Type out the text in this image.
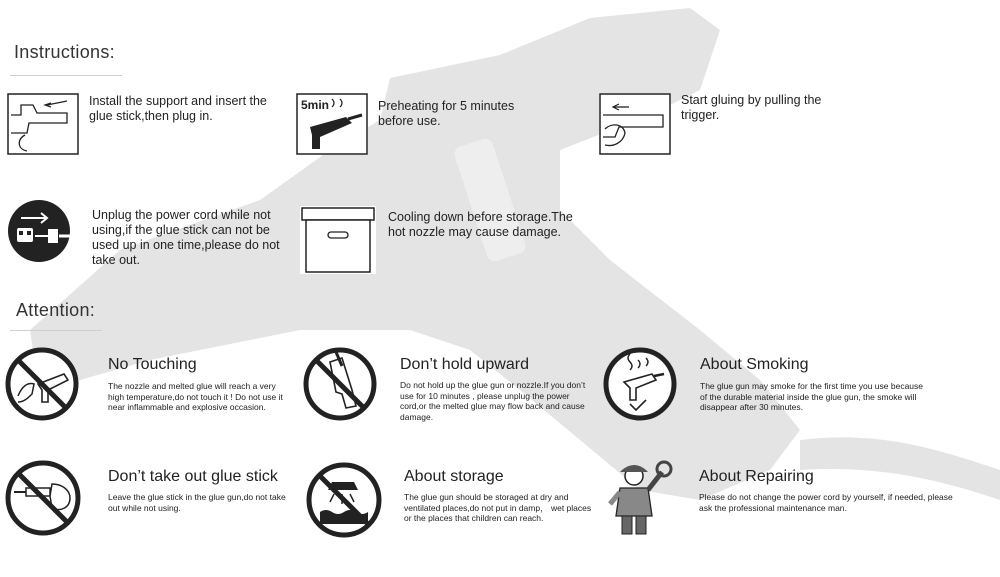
Instructions:
Install the support and insert the glue stick,then plug in.
5min	Preheating for 5 minutes before use.
Start gluing by pulling the trigger.
Unplug the power cord while not using,if the glue stick can not be used up in one time,please do not take out.
Cooling down before storage.The hot nozzle may cause damage.
Attention:
No Touching
The nozzle and melted glue will reach a very high temperature,do not touch it ! Do not use it near inflammable and explosive occasion.
Don’t hold upward
Do not hold up the glue gun or nozzle.If you don’t use for 10 minutes , please unplug the power cord,or the melted glue may flow back and cause damage.
About Smoking
The glue gun may smoke for the first time you use because of the durable material inside the glue gun, the smoke will disappear after 30 minutes.
Don’t take out glue stick
Leave the glue stick in the glue gun,do not take out while not using.
About storage
The glue gun should be storaged at dry and ventilated places,do not put in damp， wet places or the places that children can reach.
About Repairing
Please do not change the power cord by yourself, if needed, please ask the professional maintenance man.
